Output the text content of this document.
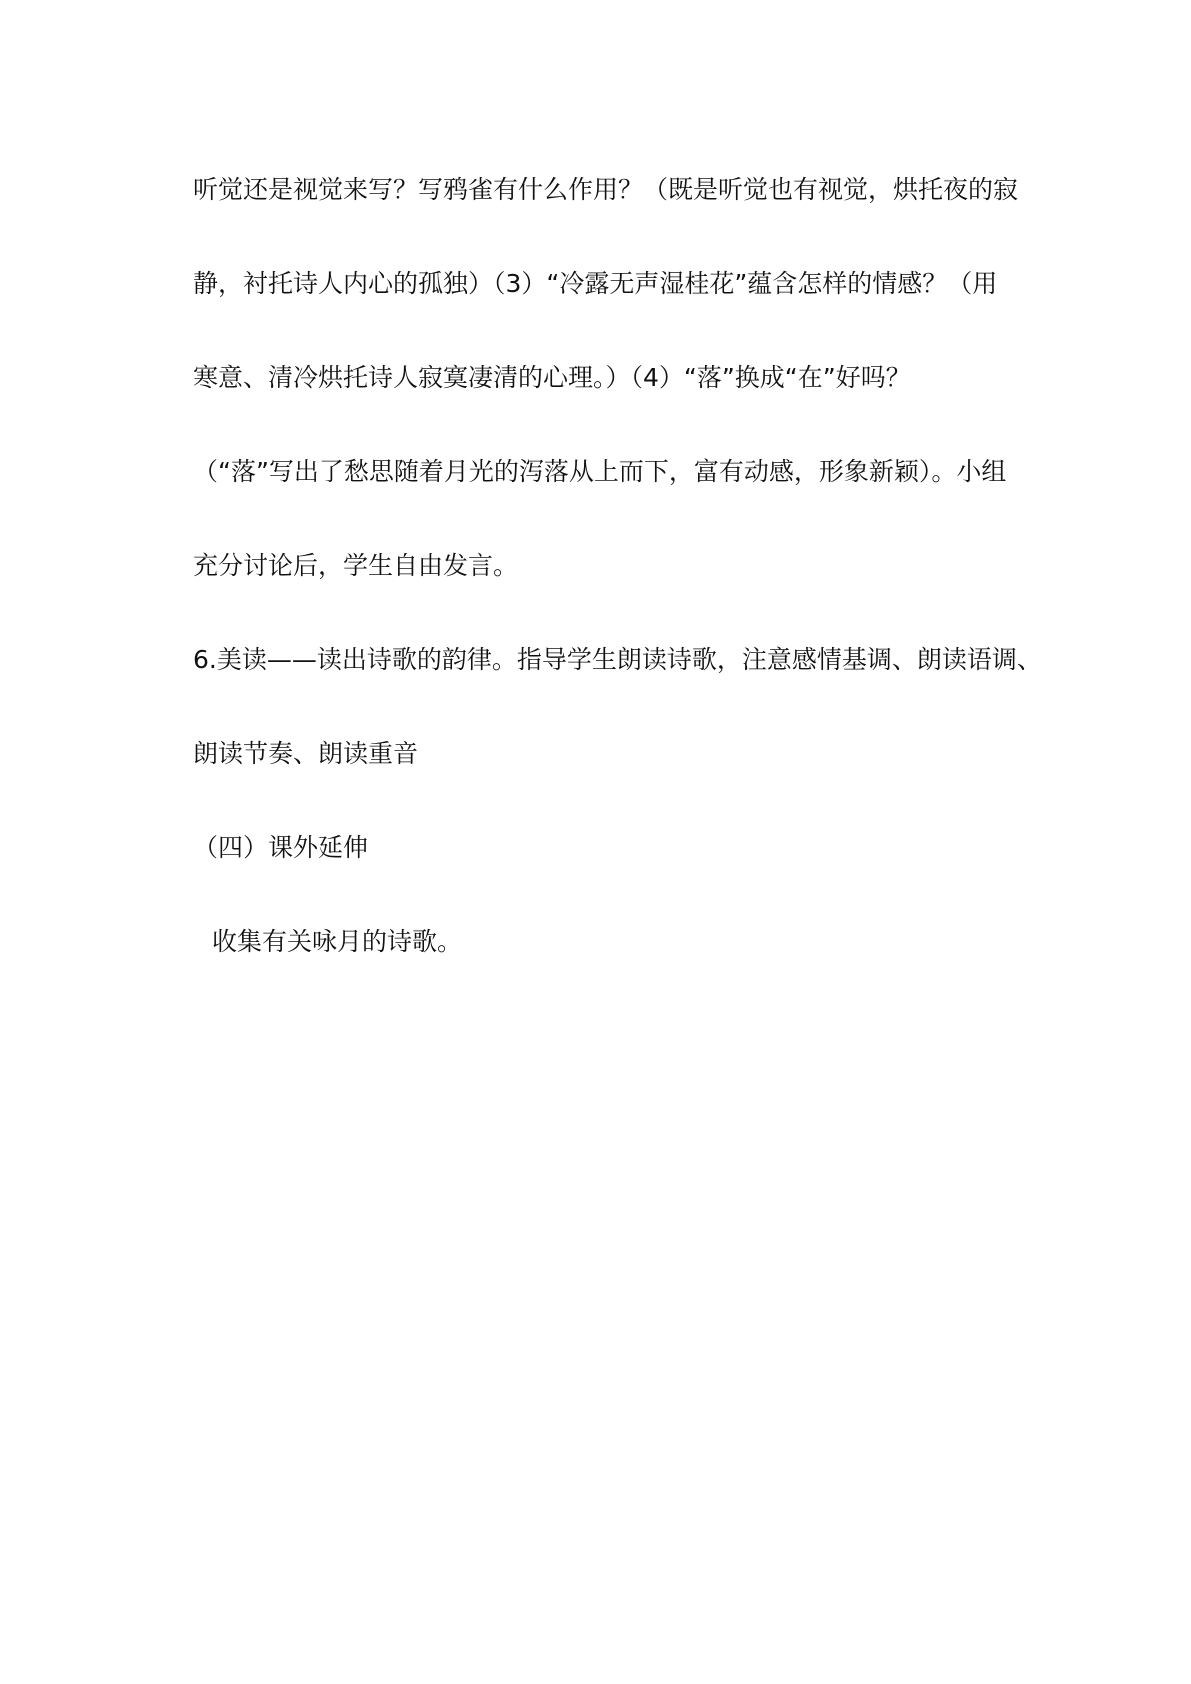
听觉还是视觉来写？写鸦雀有什么作用？（既是听觉也有视觉，烘托夜的寂
静，衬托诗人内心的孤独）（3）“冷露无声湿桂花”蕴含怎样的情感？（用
寒意、清冷烘托诗人寂寞凄清的心理。）（4）“落”换成“在”好吗？
（“落”写出了愁思随着月光的泻落从上而下，富有动感，形象新颖）。小组
充分讨论后，学生自由发言。
6.美读——读出诗歌的韵律。指导学生朗读诗歌，注意感情基调、朗读语调、
朗读节奏、朗读重音
（四）课外延伸
收集有关咏月的诗歌。
